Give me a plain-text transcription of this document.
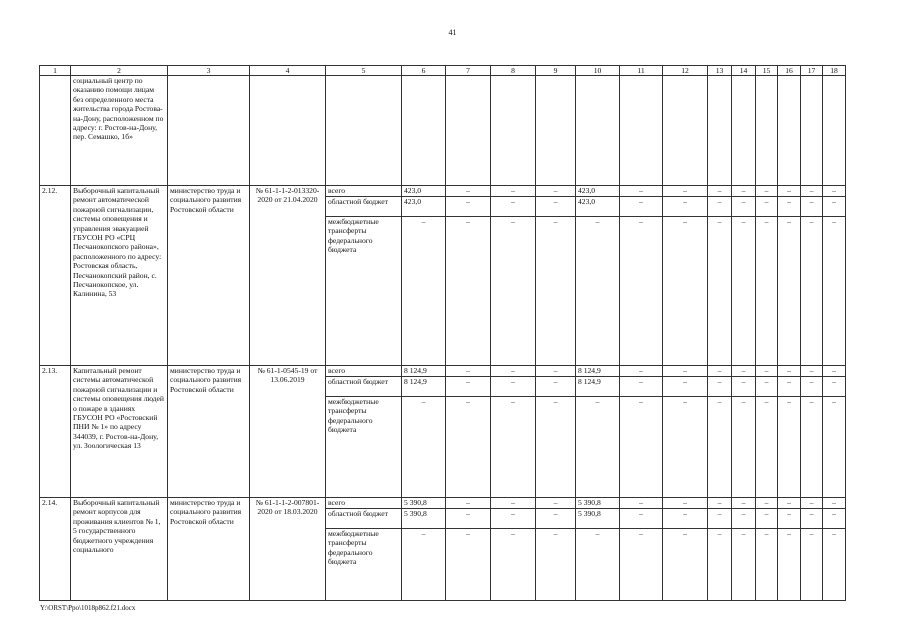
41
1	2	3	4	5	6	7	8	9	10	11	12	13	14	15	16	17	18
	социальный центр по оказанию помощи лицам без определенного места жительства города Ростова-на-Дону, расположенном по адресу: г. Ростов-на-Дону, пер. Семашко, 1б»																
2.12.	Выборочный капитальный ремонт автоматической пожарной сигнализации, системы оповещения и управления эвакуацией ГБУСОН РО «СРЦ Песчанокопского района», расположенного по адресу: Ростовская область, Песчанокопский район, с. Песчанокопское, ул. Калинина, 53	министерство труда и социального развития Ростовской области	№ 61-1-1-2-013320-2020 от 21.04.2020	всего	423,0	–	–	–	423,0	–	–	–	–	–	–	–	–
				областной бюджет	423,0	–	–	–	423,0	–	–	–	–	–	–	–	–
				межбюджетные трансферты федерального бюджета	–	–	–	–	–	–	–	–	–	–	–	–	–
2.13.	Капитальный ремонт системы автоматической пожарной сигнализации и системы оповещения людей о пожаре в зданиях ГБУСОН РО «Ростовский ПНИ № 1» по адресу 344039, г. Ростов-на-Дону, ул. Зоологическая 13	министерство труда и социального развития Ростовской области	№ 61-1-0545-19 от 13.06.2019	всего	8 124,9	–	–	–	8 124,9	–	–	–	–	–	–	–	–
				областной бюджет	8 124,9	–	–	–	8 124,9	–	–	–	–	–	–	–	–
				межбюджетные трансферты федерального бюджета	–	–	–	–	–	–	–	–	–	–	–	–	–
2.14.	Выборочный капитальный ремонт корпусов для проживания клиентов № 1, 5 государственного бюджетного учреждения социального	министерство труда и социального развития Ростовской области	№ 61-1-1-2-007801-2020 от 18.03.2020	всего	5 390,8	–	–	–	5 390,8	–	–	–	–	–	–	–	–
				областной бюджет	5 390,8	–	–	–	5 390,8	–	–	–	–	–	–	–	–
				межбюджетные трансферты федерального бюджета	–	–	–	–	–	–	–	–	–	–	–	–	–
Y:\ORST\Ppo\1018p862.f21.docx
